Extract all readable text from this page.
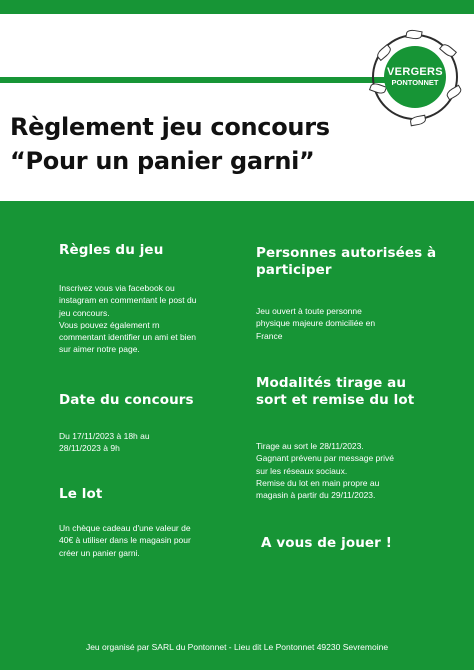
VERGERS
PONTONNET
Règlement jeu concours
“Pour un panier garni”
Règles du jeu
Inscrivez vous via facebook ou
instagram en commentant le post du
jeu concours.
Vous pouvez également rn
commentant identifier un ami et bien
sur aimer notre page.
Date du concours
Du 17/11/2023 à 18h au
28/11/2023 à 9h
Le lot
Un chèque cadeau d'une valeur de
40€ à utiliser dans le magasin pour
créer un panier garni.
Personnes autorisées à
participer
Jeu ouvert à toute personne
physique majeure domiciliée en
France
Modalités tirage au
sort et remise du lot
Tirage au sort le 28/11/2023.
Gagnant prévenu par message privé
sur les réseaux sociaux.
Remise du lot en main propre au
magasin à partir du 29/11/2023.
A vous de jouer !
Jeu organisé par SARL du Pontonnet - Lieu dit Le Pontonnet 49230 Sevremoine
